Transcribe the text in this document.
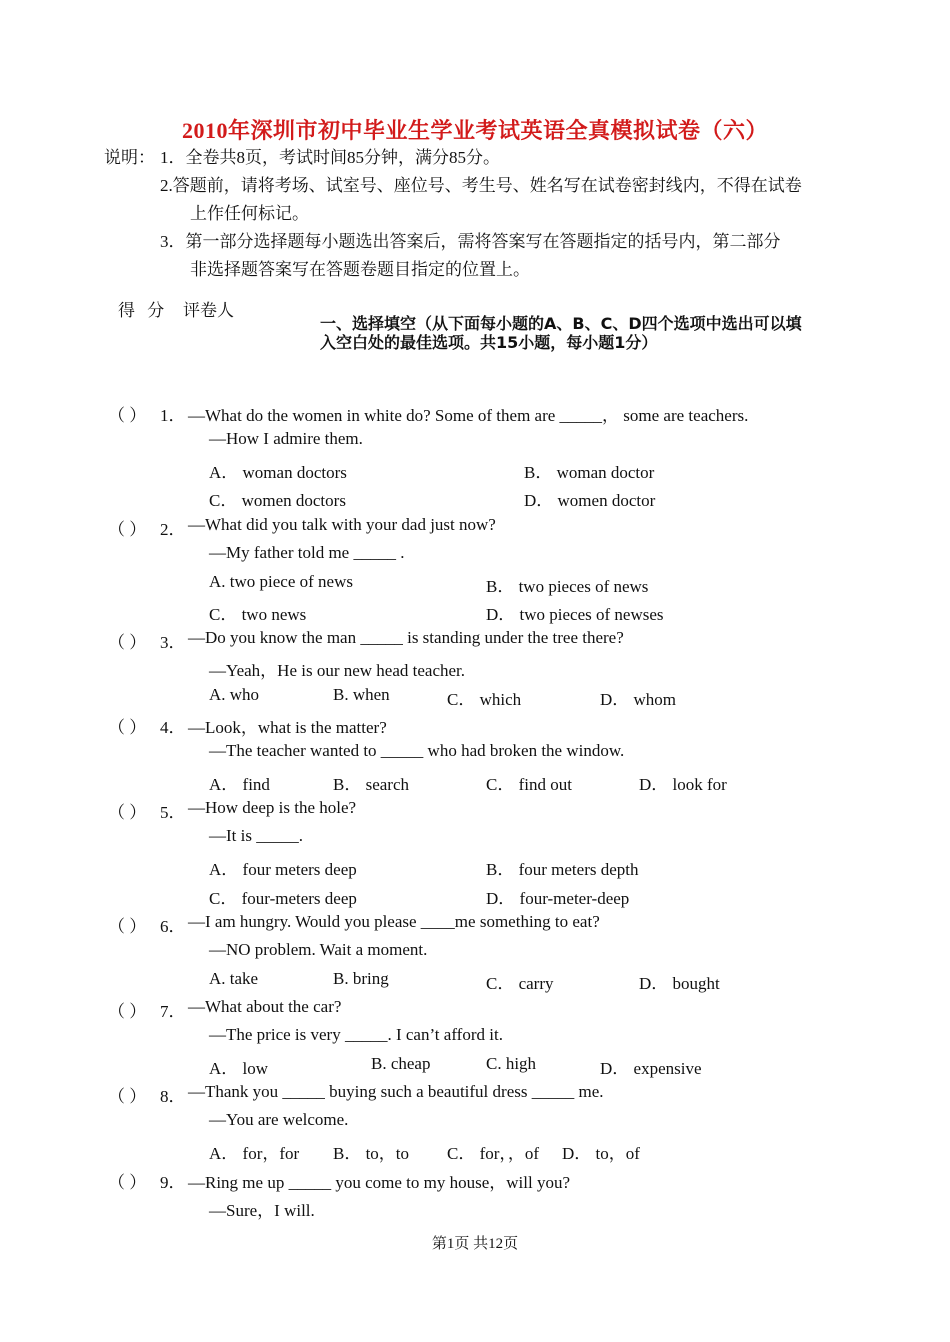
2010年深圳市初中毕业生学业考试英语全真模拟试卷（六）
说明： 1．全卷共8页，考试时间85分钟，满分85分。
2.答题前，请将考场、试室号、座位号、考生号、姓名写在试卷密封线内，不得在试卷
上作任何标记。
3．第一部分选择题每小题选出答案后，需将答案写在答题指定的括号内，第二部分
非选择题答案写在答题卷题目指定的位置上。
得 分 评卷人
一、选择填空（从下面每小题的A、B、C、D四个选项中选出可以填
入空白处的最佳选项。共15小题，每小题1分）
（ ） 1． —What do the women in white do? Some of them are _____， some are teachers.
—How I admire them.
A． woman doctors	B． woman doctor
C． women doctors	D． women doctor
（ ） 2． —What did you talk with your dad just now?
—My father told me _____ .
A. two piece of news	B． two pieces of news
C． two news	D． two pieces of newses
（ ） 3． —Do you know the man _____ is standing under the tree there?
—Yeah，He is our new head teacher.
A. who	B. when	C． which	D． whom
（ ） 4． —Look，what is the matter?
—The teacher wanted to _____ who had broken the window.
A． find	B． search	C． find out	D． look for
（ ） 5． —How deep is the hole?
—It is _____.
A． four meters deep	B． four meters depth
C． four-meters deep	D． four-meter-deep
（ ） 6． —I am hungry. Would you please ____me something to eat?
—NO problem. Wait a moment.
A. take	B. bring	C． carry	D． bought
（ ） 7． —What about the car?
—The price is very _____. I can’t afford it.
A． low	B. cheap	C. high	D． expensive
（ ） 8． —Thank you _____ buying such a beautiful dress _____ me.
—You are welcome.
A． for，for B． to，to C． for，，of D． to，of
（ ） 9． —Ring me up _____ you come to my house，will you?
—Sure，I will.
第1页 共12页
